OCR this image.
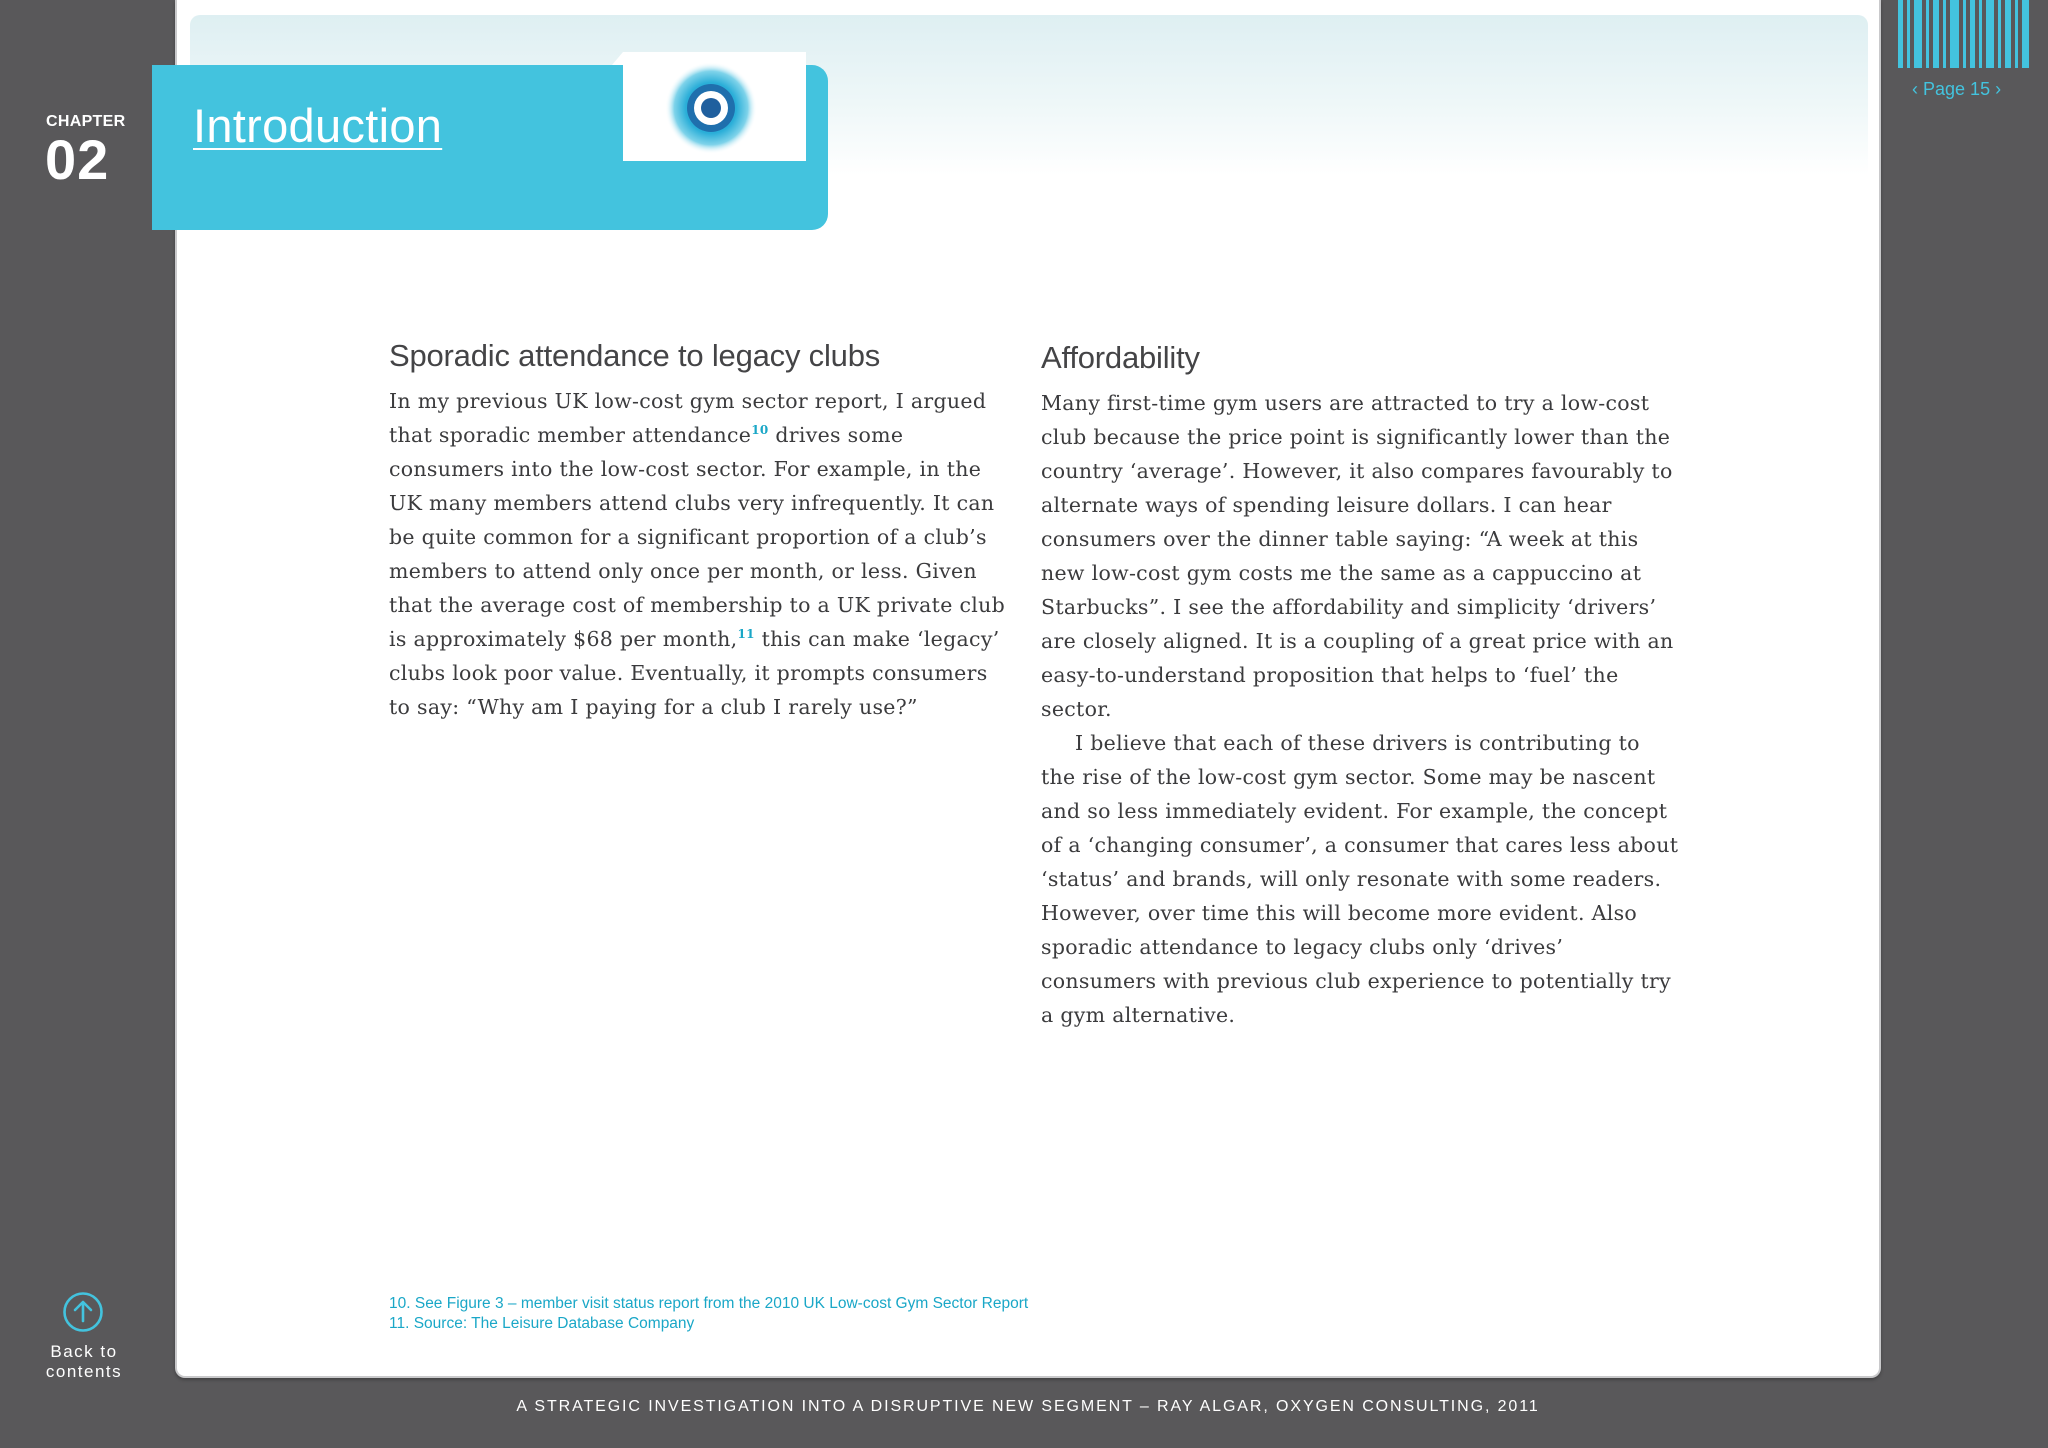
CHAPTER
02
Introduction
‹ Page 15 ›
Sporadic attendance to legacy clubs

In my previous UK low-cost gym sector report, I argued that sporadic member attendance$^{10}$ drives some consumers into the low-cost sector. For example, in the UK many members attend clubs very infrequently. It can be quite common for a significant proportion of a club’s members to attend only once per month, or less. Given that the average cost of membership to a UK private club is approximately $68 per month,$^{11}$ this can make ‘legacy’ clubs look poor value. Eventually, it prompts consumers to say: “Why am I paying for a club I rarely use?”

Affordability

Many first-time gym users are attracted to try a low-cost club because the price point is significantly lower than the country ‘average’. However, it also compares favourably to alternate ways of spending leisure dollars. I can hear consumers over the dinner table saying: “A week at this new low-cost gym costs me the same as a cappuccino at Starbucks”. I see the affordability and simplicity ‘drivers’ are closely aligned. It is a coupling of a great price with an easy-to-understand proposition that helps to ‘fuel’ the sector.

I believe that each of these drivers is contributing to the rise of the low-cost gym sector. Some may be nascent and so less immediately evident. For example, the concept of a ‘changing consumer’, a consumer that cares less about ‘status’ and brands, will only resonate with some readers. However, over time this will become more evident. Also sporadic attendance to legacy clubs only ‘drives’ consumers with previous club experience to potentially try a gym alternative.

10. See Figure 3 – member visit status report from the 2010 UK Low-cost Gym Sector Report
11. Source: The Leisure Database Company
Back to
contents
A STRATEGIC INVESTIGATION INTO A DISRUPTIVE NEW SEGMENT – RAY ALGAR, OXYGEN CONSULTING, 2011
